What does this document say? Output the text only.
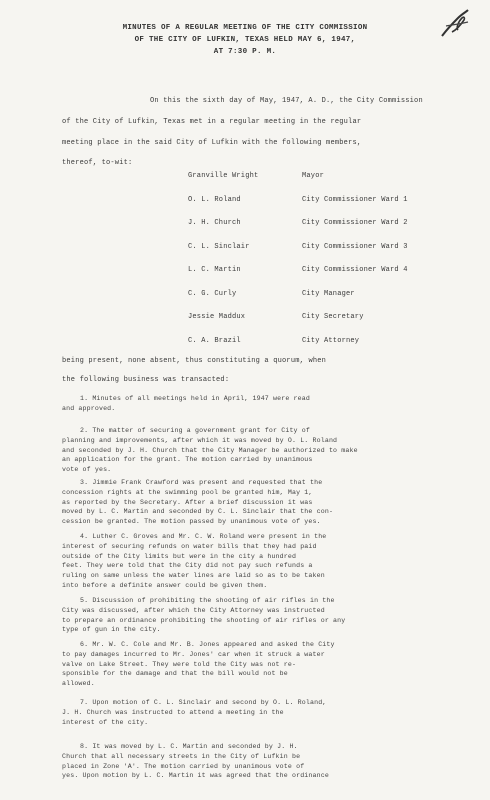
MINUTES OF A REGULAR MEETING OF THE CITY COMMISSION
OF THE CITY OF LUFKIN, TEXAS HELD MAY 6, 1947,
AT 7:30 P. M.
On this the sixth day of May, 1947, A. D., the City Commission
of the City of Lufkin, Texas met in a regular meeting in the regular
meeting place in the said City of Lufkin with the following members,
thereof, to-wit:
Granville Wright	Mayor
O. L. Roland	City Commissioner Ward 1
J. H. Church	City Commissioner Ward 2
C. L. Sinclair	City Commissioner Ward 3
L. C. Martin	City Commissioner Ward 4
C. G. Curly	City Manager
Jessie Maddux	City Secretary
C. A. Brazil	City Attorney
being present, none absent, thus constituting a quorum, when
the following business was transacted:
1. Minutes of all meetings held in April, 1947 were read
and approved.
2. The matter of securing a government grant for City of
planning and improvements, after which it was moved by O. L. Roland
and seconded by J. H. Church that the City Manager be authorized to make
an application for the grant. The motion carried by unanimous
vote of yes.
3. Jimmie Frank Crawford was present and requested that the
concession rights at the swimming pool be granted him, May 1,
as reported by the Secretary. After a brief discussion it was
moved by L. C. Martin and seconded by C. L. Sinclair that the con-
cession be granted. The motion passed by unanimous vote of yes.
4. Luther C. Groves and Mr. C. W. Roland were present in the
interest of securing refunds on water bills that they had paid
outside of the City limits but were in the city a hundred
feet. They were told that the City did not pay such refunds a
ruling on same unless the water lines are laid so as to be taken
into before a definite answer could be given them.
5. Discussion of prohibiting the shooting of air rifles in the
City was discussed, after which the City Attorney was instructed
to prepare an ordinance prohibiting the shooting of air rifles or any
type of gun in the city.
6. Mr. W. C. Cole and Mr. B. Jones appeared and asked the City
to pay damages incurred to Mr. Jones' car when it struck a water
valve on Lake Street. They were told the City was not re-
sponsible for the damage and that the bill would not be
allowed.
7. Upon motion of C. L. Sinclair and second by O. L. Roland,
J. H. Church was instructed to attend a meeting in the
interest of the city.
8. It was moved by L. C. Martin and seconded by J. H.
Church that all necessary streets in the City of Lufkin be
placed in Zone 'A'. The motion carried by unanimous vote of
yes. Upon motion by L. C. Martin it was agreed that the ordinance
